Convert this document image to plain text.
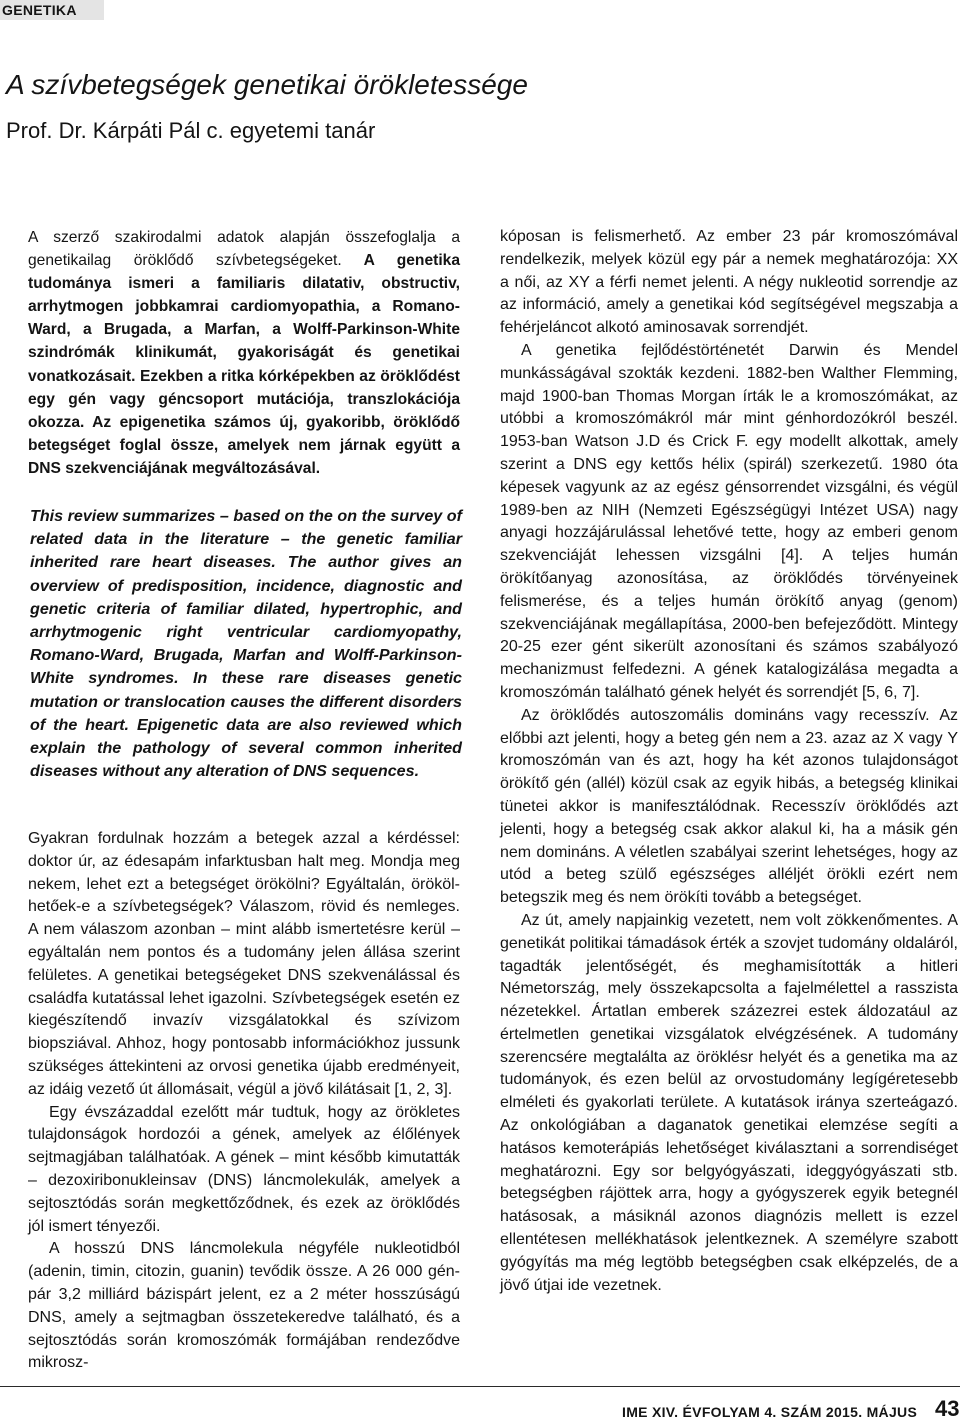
GENETIKA
A szívbetegségek genetikai örökletessége
Prof. Dr. Kárpáti Pál c. egyetemi tanár

A szerző szakirodalmi adatok alapján összefoglalja a genetikailag öröklődő szívbetegségeket. A genetika tudománya ismeri a familiaris dilatativ, obstructiv, arrhytmogen jobbkamrai cardiomyopathia, a Romano-Ward, a Brugada, a Marfan, a Wolff-Parkinson-White szindrómák klinikumát, gyakoriságát és genetikai vonatkozásait. Ezekben a ritka kórképekben az öröklődést egy gén vagy géncsoport mutációja, transzlokációja okozza. Az epigenetika számos új, gyakoribb, öröklődő betegséget foglal össze, amelyek nem járnak együtt a DNS szekvenciájának megváltozásával.

This review summarizes – based on the on the survey of related data in the literature – the genetic familiar inherited rare heart diseases. The author gives an overview of predisposition, incidence, diagnostic and genetic criteria of familiar dilated, hypertrophic, and arrhytmogenic right ventricular cardiomyopathy, Romano-Ward, Brugada, Marfan and Wolff-Parkinson-White syndromes. In these rare diseases genetic mutation or translocation causes the different disorders of the heart. Epigenetic data are also reviewed which explain the pathology of several common inherited diseases without any alteration of DNS sequences.

Gyakran fordulnak hozzám a betegek azzal a kérdéssel: doktor úr, az édesapám infarktusban halt meg. Mondja meg nekem, lehet ezt a betegséget örökölni? Egyáltalán, örököl-hetőek-e a szívbetegségek? Válaszom, rövid és nemleges. A nem válaszom azonban – mint alább ismertetésre kerül – egyáltalán nem pontos és a tudomány jelen állása szerint felületes. A genetikai betegségeket DNS szekvenálással és családfa kutatással lehet igazolni. Szívbetegségek esetén ez kiegészítendő invazív vizsgálatokkal és szívizom biopsziával. Ahhoz, hogy pontosabb információkhoz jussunk szükséges áttekinteni az orvosi genetika újabb eredményeit, az idáig vezető út állomásait, végül a jövő kilátásait [1, 2, 3].

Egy évszázaddal ezelőtt már tudtuk, hogy az örökletes tulajdonságok hordozói a gének, amelyek az élőlények sejtmagjában találhatóak. A gének – mint később kimutatták – dezoxiribonukleinsav (DNS) láncmolekulák, amelyek a sejtosztódás során megkettőződnek, és ezek az öröklődés jól ismert tényezői.

A hosszú DNS láncmolekula négyféle nukleotidból (adenin, timin, citozin, guanin) tevődik össze. A 26 000 gén-pár 3,2 milliárd bázispárt jelent, ez a 2 méter hosszúságú DNS, amely a sejtmagban összetekeredve található, és a sejtosztódás során kromoszómák formájában rendeződve mikrosz-

kóposan is felismerhető. Az ember 23 pár kromoszómával rendelkezik, melyek közül egy pár a nemek meghatározója: XX a női, az XY a férfi nemet jelenti. A négy nukleotid sorrendje az az információ, amely a genetikai kód segítségével megszabja a fehérjeláncot alkotó aminosavak sorrendjét.

A genetika fejlődéstörténetét Darwin és Mendel munkásságával szokták kezdeni. 1882-ben Walther Flemming, majd 1900-ban Thomas Morgan írták le a kromoszómákat, az utóbbi a kromoszómákról már mint génhordozókról beszél. 1953-ban Watson J.D és Crick F. egy modellt alkottak, amely szerint a DNS egy kettős hélix (spirál) szerkezetű. 1980 óta képesek vagyunk az az egész génsorrendet vizsgálni, és végül 1989-ben az NIH (Nemzeti Egészségügyi Intézet USA) nagy anyagi hozzájárulással lehetővé tette, hogy az emberi genom szekvenciáját lehessen vizsgálni [4]. A teljes humán örökítőanyag azonosítása, az öröklődés törvényeinek felismerése, és a teljes humán örökítő anyag (genom) szekvenciájának megállapítása, 2000-ben befejeződött. Mintegy 20-25 ezer gént sikerült azonosítani és számos szabályozó mechanizmust felfedezni. A gének katalogizálása megadta a kromoszómán található gének helyét és sorrendjét [5, 6, 7].

Az öröklődés autoszomális domináns vagy recesszív. Az előbbi azt jelenti, hogy a beteg gén nem a 23. azaz az X vagy Y kromoszómán van és azt, hogy ha két azonos tulajdonságot örökítő gén (allél) közül csak az egyik hibás, a betegség klinikai tünetei akkor is manifesztálódnak. Recesszív öröklődés azt jelenti, hogy a betegség csak akkor alakul ki, ha a másik gén nem domináns. A véletlen szabályai szerint lehetséges, hogy az utód a beteg szülő egészséges alléljét örökli ezért nem betegszik meg és nem örökíti tovább a betegséget.

Az út, amely napjainkig vezetett, nem volt zökkenőmentes. A genetikát politikai támadások érték a szovjet tudomány oldaláról, tagadták jelentőségét, és meghamisították a hitleri Németország, mely összekapcsolta a fajelmélettel a rasszista nézetekkel. Ártatlan emberek százezrei estek áldozatául az értelmetlen genetikai vizsgálatok elvégzésének. A tudomány szerencsére megtalálta az öröklésr helyét és a genetika ma az tudományok, és ezen belül az orvostudomány legígéretesebb elméleti és gyakorlati területe. A kutatások iránya szerteágazó. Az onkológiában a daganatok genetikai elemzése segíti a hatásos kemoterápiás lehetőséget kiválasztani a sorrendiséget meghatározni. Egy sor belgyógyászati, ideggyógyászati stb. betegségben rájöttek arra, hogy a gyógyszerek egyik betegnél hatásosak, a másiknál azonos diagnózis mellett is ezzel ellentétesen mellékhatások jelentkeznek. A személyre szabott gyógyítás ma még legtöbb betegségben csak elképzelés, de a jövő útjai ide vezetnek.

IME XIV. ÉVFOLYAM 4. SZÁM 2015. MÁJUS 43
